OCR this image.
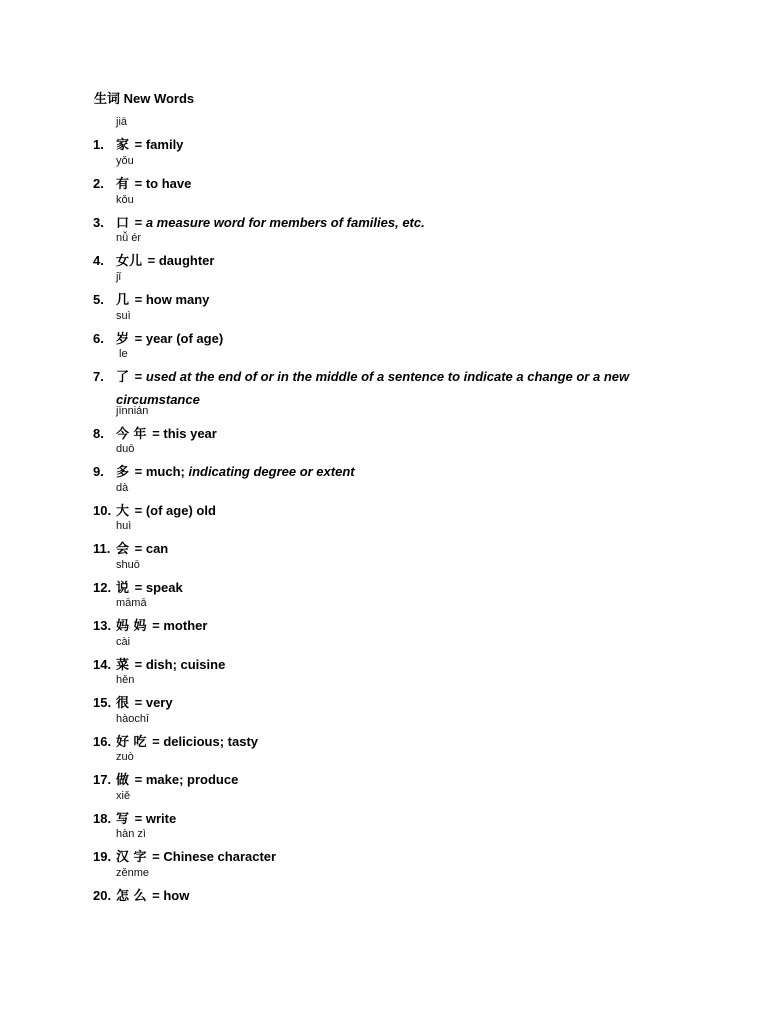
生词 New Words
jiā
1. 家 = family
yǒu
2. 有 = to have
kǒu
3. 口 = a measure word for members of families, etc.
nǚ ér
4. 女儿 = daughter
jǐ
5. 几 = how many
suì
6. 岁 = year (of age)
le
7. 了 = used at the end of or in the middle of a sentence to indicate a change or a new circumstance
jīnnián
8. 今 年 = this year
duō
9. 多 = much; indicating degree or extent
dà
10. 大 = (of age) old
huì
11. 会 = can
shuō
12. 说 = speak
māmā
13. 妈 妈 = mother
cài
14. 菜 = dish; cuisine
hěn
15. 很 = very
hàochī
16. 好 吃 = delicious; tasty
zuò
17. 做 = make; produce
xiě
18. 写 = write
hàn zì
19. 汉 字 = Chinese character
zěnme
20. 怎 么 = how
